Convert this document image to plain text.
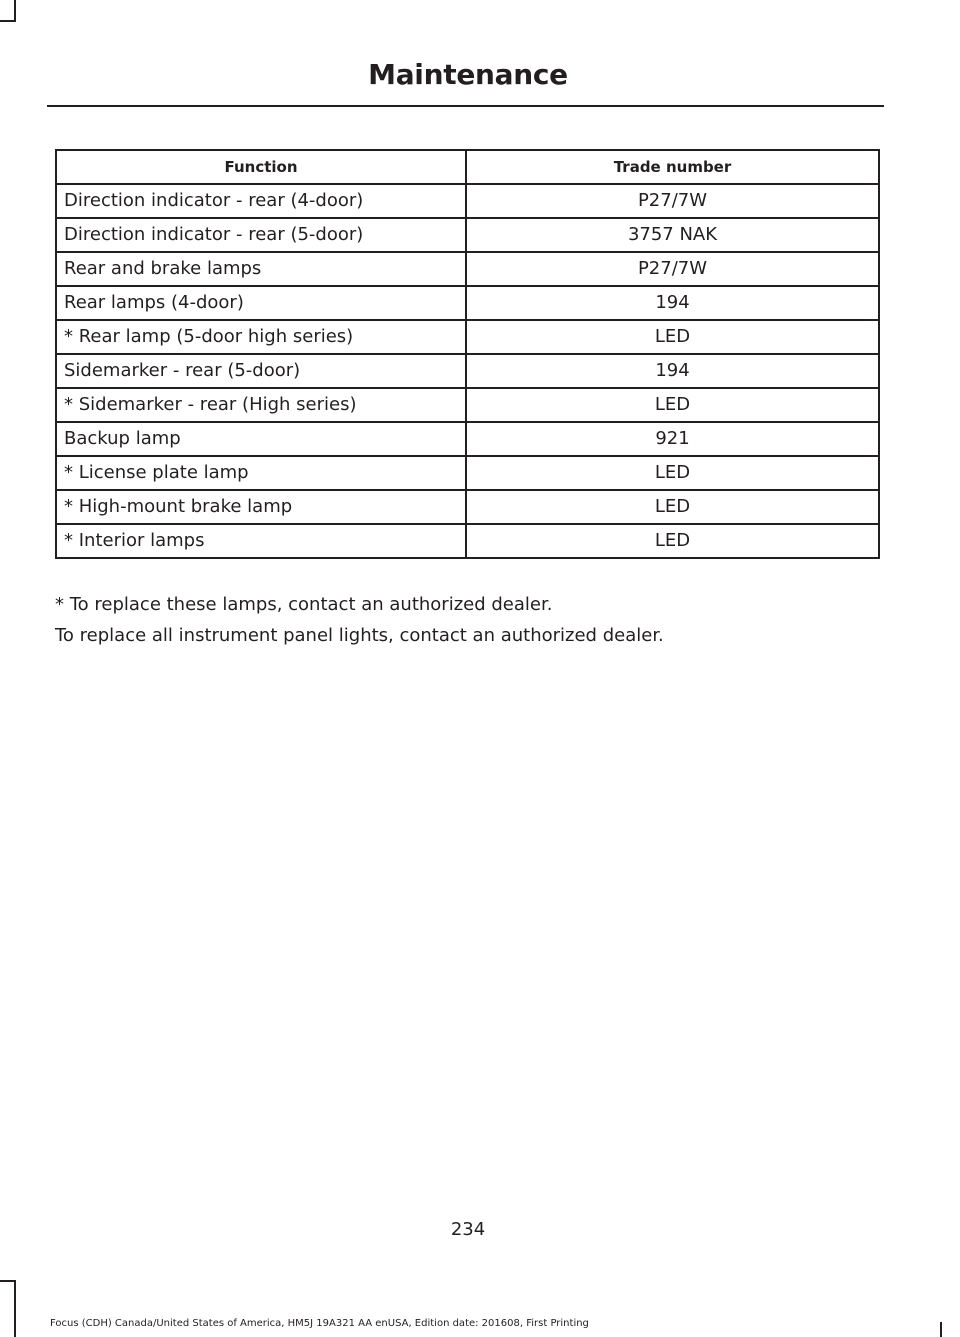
Maintenance
Function	Trade number
Direction indicator - rear (4-door)	P27/7W
Direction indicator - rear (5-door)	3757 NAK
Rear and brake lamps	P27/7W
Rear lamps (4-door)	194
* Rear lamp (5-door high series)	LED
Sidemarker - rear (5-door)	194
* Sidemarker - rear (High series)	LED
Backup lamp	921
* License plate lamp	LED
* High-mount brake lamp	LED
* Interior lamps	LED
* To replace these lamps, contact an authorized dealer.
To replace all instrument panel lights, contact an authorized dealer.
234
Focus (CDH) Canada/United States of America, HM5J 19A321 AA enUSA, Edition date: 201608, First Printing
